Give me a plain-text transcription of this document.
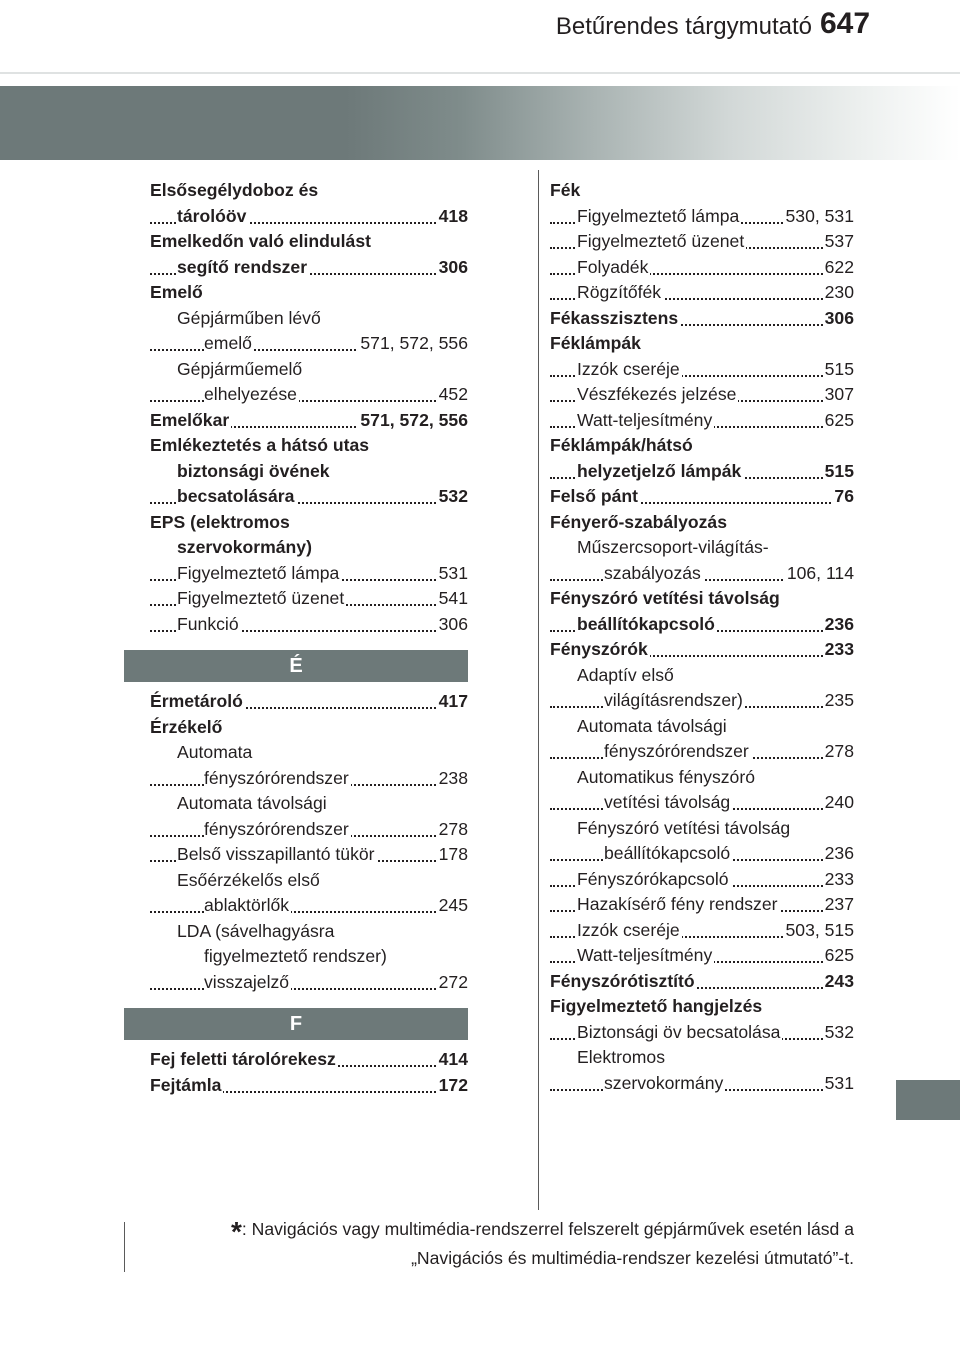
Betűrendes tárgymutató 647
Elsősegélydoboz és
tárolóöv	418
Emelkedőn való elindulást
segítő rendszer	306
Emelő
Gépjárműben lévő
emelő	571, 572, 556
Gépjárműemelő
elhelyezése	452
Emelőkar	571, 572, 556
Emlékeztetés a hátsó utas
biztonsági övének
becsatolására	532
EPS (elektromos
szervokormány)
Figyelmeztető lámpa	531
Figyelmeztető üzenet	541
Funkció	306
É
Érmetároló	417
Érzékelő
Automata
fényszórórendszer	238
Automata távolsági
fényszórórendszer	278
Belső visszapillantó tükör	178
Esőérzékelős első
ablaktörlők	245
LDA (sávelhagyásra
figyelmeztető rendszer)
visszajelző	272
F
Fej feletti tárolórekesz	414
Fejtámla	172
Fék
Figyelmeztető lámpa	530, 531
Figyelmeztető üzenet	537
Folyadék	622
Rögzítőfék	230
Fékasszisztens	306
Féklámpák
Izzók cseréje	515
Vészfékezés jelzése	307
Watt-teljesítmény	625
Féklámpák/hátsó
helyzetjelző lámpák	515
Felső pánt	76
Fényerő-szabályozás
Műszercsoport-világítás-
szabályozás	106, 114
Fényszóró vetítési távolság
beállítókapcsoló	236
Fényszórók	233
Adaptív első
világításrendszer)	235
Automata távolsági
fényszórórendszer	278
Automatikus fényszóró
vetítési távolság	240
Fényszóró vetítési távolság
beállítókapcsoló	236
Fényszórókapcsoló	233
Hazakísérő fény rendszer	237
Izzók cseréje	503, 515
Watt-teljesítmény	625
Fényszórótisztító	243
Figyelmeztető hangjelzés
Biztonsági öv becsatolása	532
Elektromos
szervokormány	531
*: Navigációs vagy multimédia-rendszerrel felszerelt gépjárművek esetén lásd a
„Navigációs és multimédia-rendszer kezelési útmutató”-t.
